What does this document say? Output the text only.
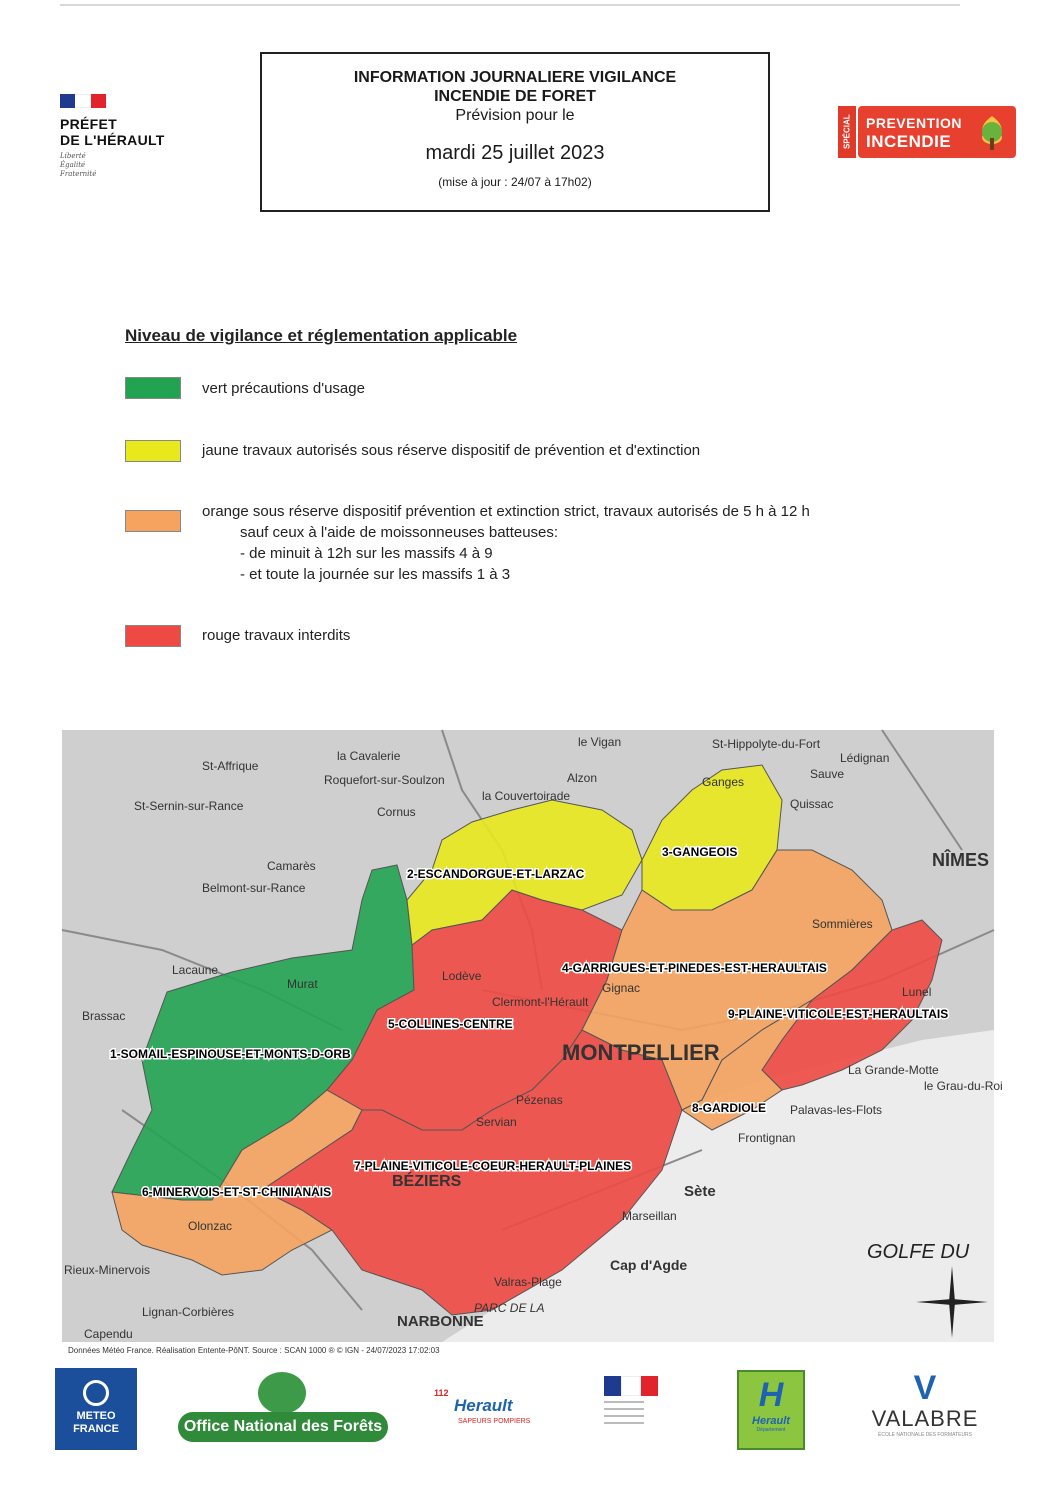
PRÉFET
DE L'HÉRAULT
Liberté
Égalité
Fraternité
INFORMATION JOURNALIERE VIGILANCE
INCENDIE DE FORET
Prévision pour le
mardi 25 juillet 2023
(mise à jour : 24/07 à 17h02)
SPÉCIAL	PREVENTION
INCENDIE
Niveau de vigilance et réglementation applicable
vert précautions d'usage
jaune travaux autorisés sous réserve dispositif de prévention et d'extinction
orange sous réserve dispositif prévention et extinction strict, travaux autorisés de 5 h à 12 h
sauf ceux à l'aide de moissonneuses batteuses:
- de minuit à 12h sur les massifs 4 à 9
- et toute la journée sur les massifs 1 à 3
rouge travaux interdits
le Vigan	St-Hippolyte-du-Fort
Lédignan
St-Affrique
la Cavalerie
Roquefort-sur-Soulzon	Alzon
la Couvertoirade
Cornus
Sauve
Quissac
St-Sernin-sur-Rance
Camarès
Belmont-sur-Rance
NÎMES
Sommières
Lacaune
Murat
Brassac
MONTPELLIER
Lunel
BÉZIERS
Sète
Frontignan
Palavas-les-Flots
La Grande-Motte
le Grau-du-Roi
Cap d'Agde
Valras-Plage
NARBONNE
GOLFE DU
PARC DE LA
Rieux-Minervois
Capendu
Lignan-Corbières
Olonzac
Servian
Pézenas
Lodève
Clermont-l'Hérault
Gignac
Ganges
Marseillan
1-SOMAIL-ESPINOUSE-ET-MONTS-D-ORB
2-ESCANDORGUE-ET-LARZAC
3-GANGEOIS
4-GARRIGUES-ET-PINEDES-EST-HERAULTAIS
5-COLLINES-CENTRE
6-MINERVOIS-ET-ST-CHINIANAIS
7-PLAINE-VITICOLE-COEUR-HERAULT-PLAINES
8-GARDIOLE
9-PLAINE-VITICOLE-EST-HERAULTAIS
Données Météo France. Réalisation Entente-PôNT. Source : SCAN 1000 ® © IGN - 24/07/2023 17:02:03
METEO
FRANCE	Office National des Forêts
112
Herault
SAPEURS POMPIERS
H
Herault
Département
V
VALABRE
ÉCOLE NATIONALE DES FORMATEURS
